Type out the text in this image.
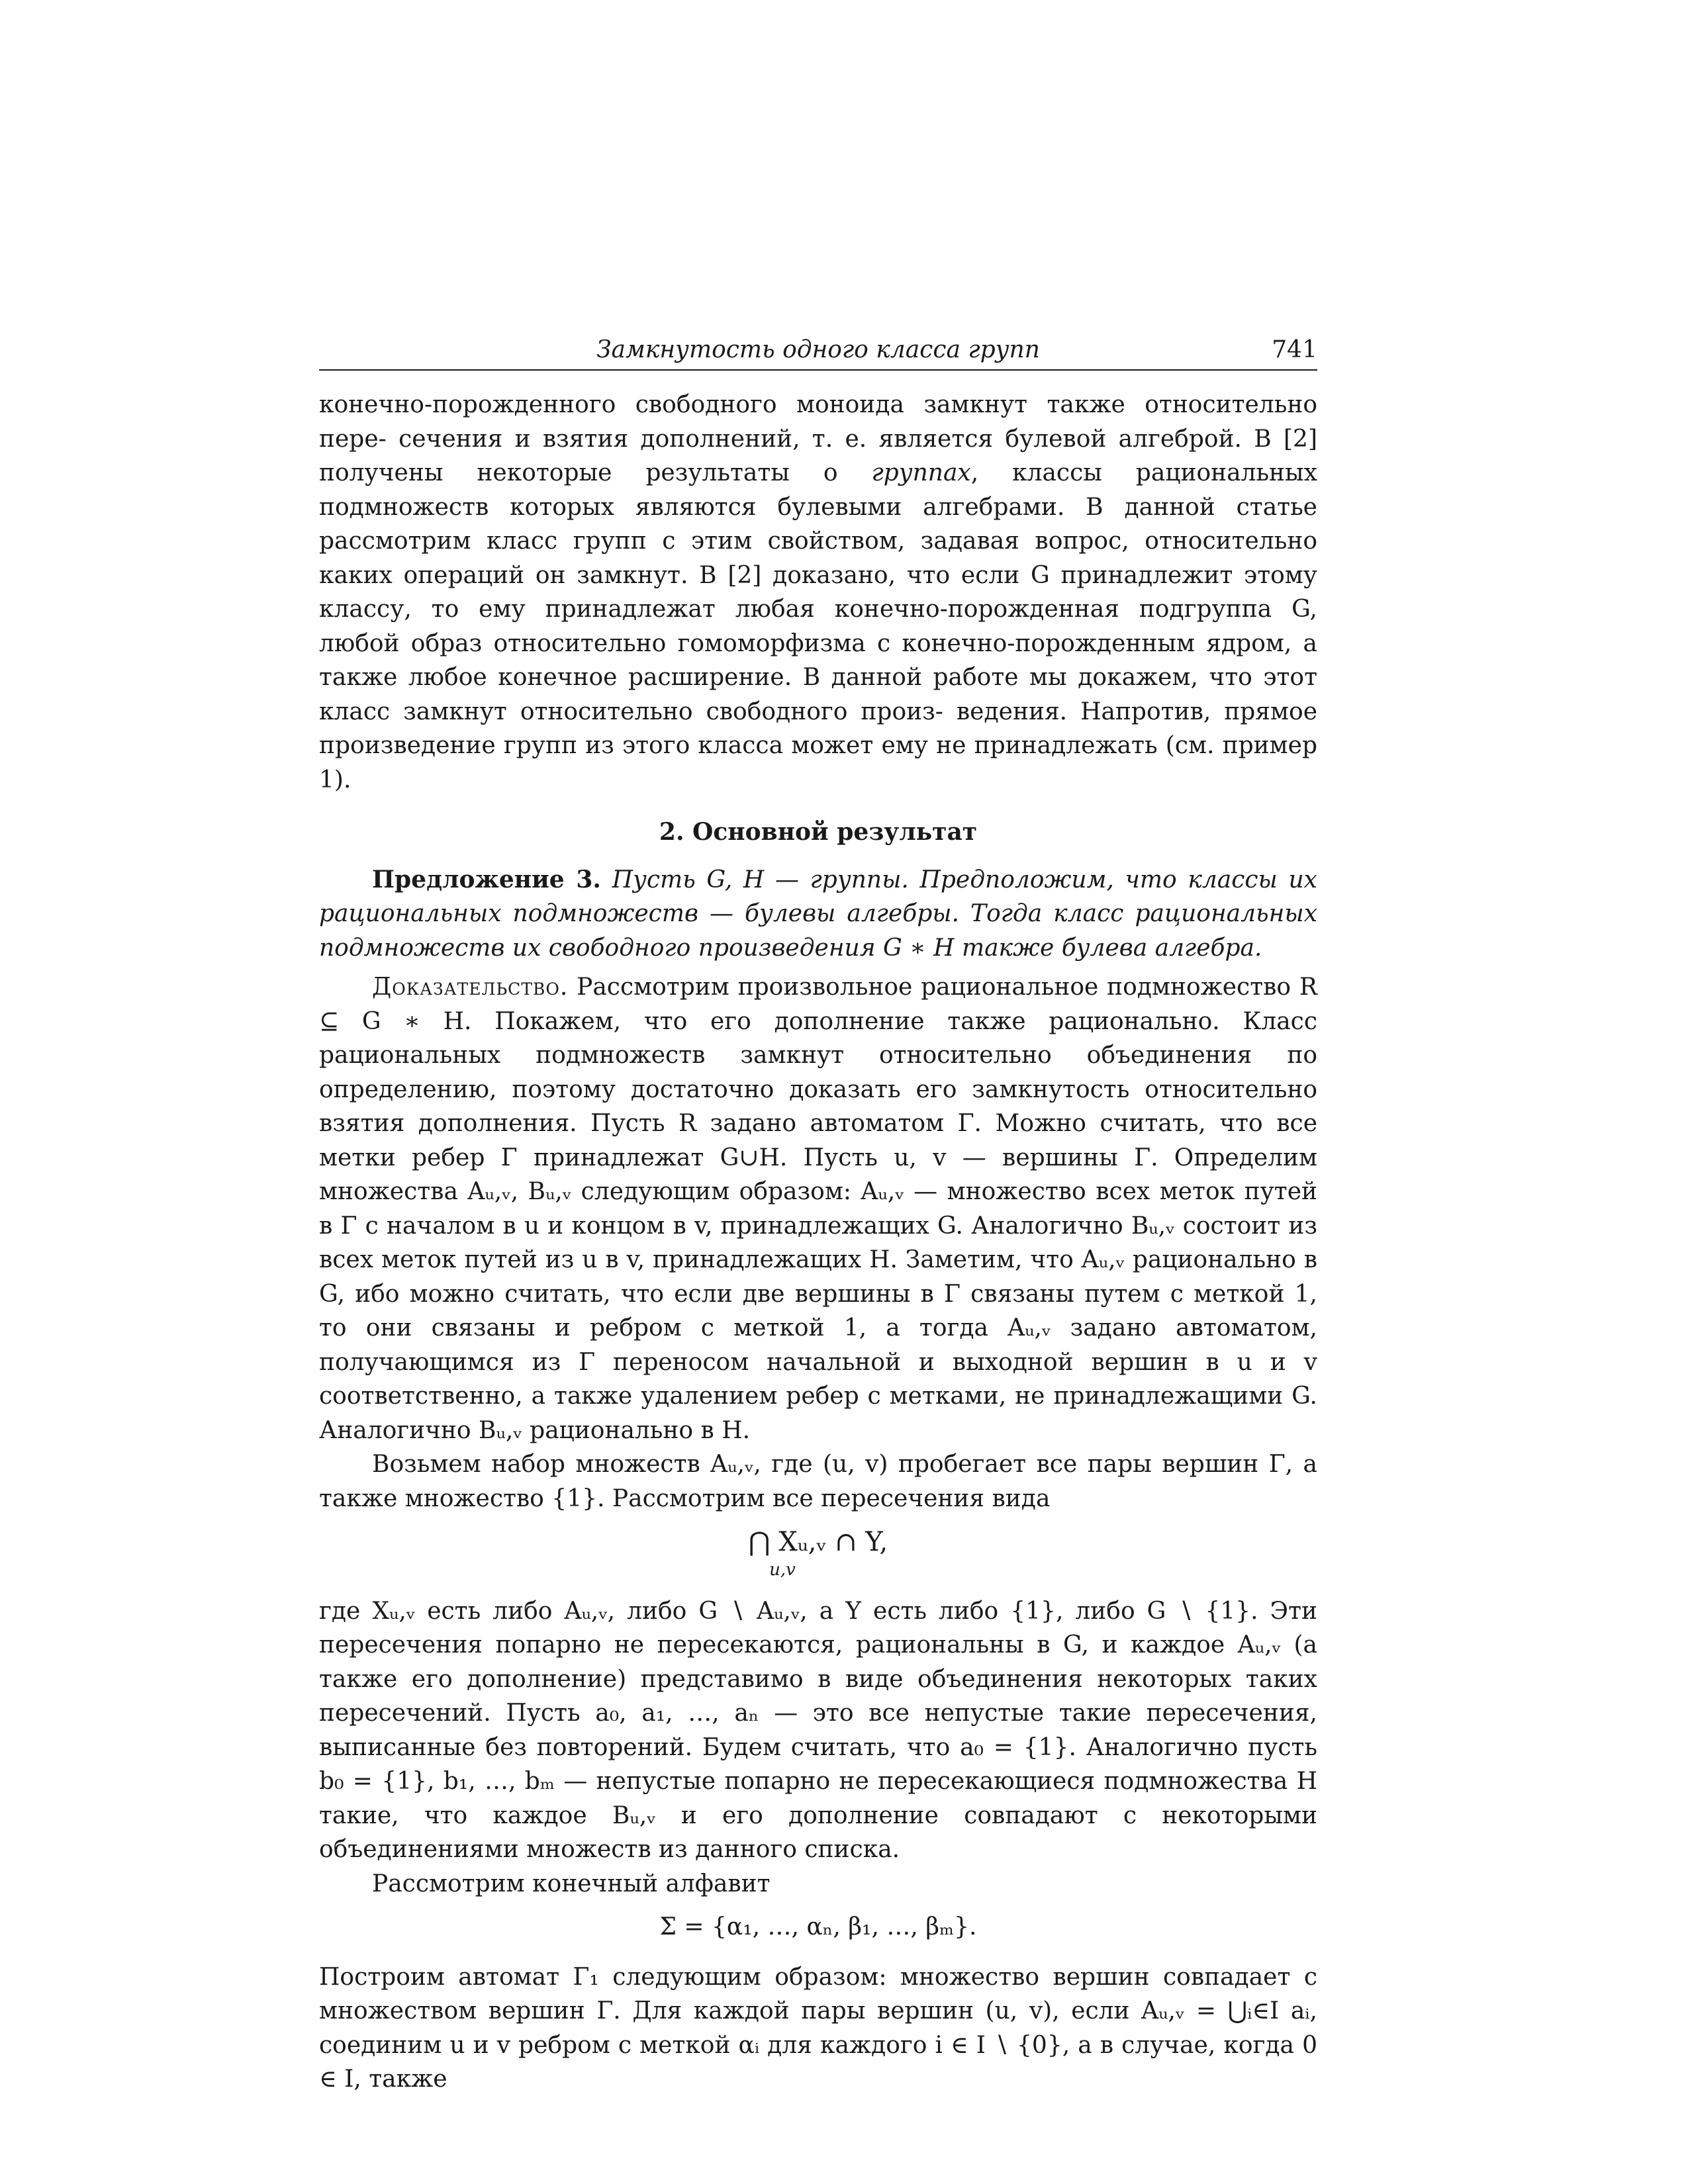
Замкнутость одного класса групп	741

конечно-порожденного свободного моноида замкнут также относительно пере- сечения и взятия дополнений, т. е. является булевой алгеброй. В [2] получены некоторые результаты о группах, классы рациональных подмножеств которых являются булевыми алгебрами. В данной статье рассмотрим класс групп с этим свойством, задавая вопрос, относительно каких операций он замкнут. В [2] доказано, что если G принадлежит этому классу, то ему принадлежат любая конечно-порожденная подгруппа G, любой образ относительно гомоморфизма с конечно-порожденным ядром, а также любое конечное расширение. В данной работе мы докажем, что этот класс замкнут относительно свободного произ- ведения. Напротив, прямое произведение групп из этого класса может ему не принадлежать (см. пример 1).

2. Основной результат

Предложение 3. Пусть G, H — группы. Предположим, что классы их рациональных подмножеств — булевы алгебры. Тогда класс рациональных подмножеств их свободного произведения G ∗ H также булева алгебра.

Доказательство. Рассмотрим произвольное рациональное подмножество R ⊆ G ∗ H. Покажем, что его дополнение также рационально. Класс рациональных подмножеств замкнут относительно объединения по определению, поэтому достаточно доказать его замкнутость относительно взятия дополнения. Пусть R задано автоматом Γ. Можно считать, что все метки ребер Γ принадлежат G∪H. Пусть u, v — вершины Γ. Определим множества Aᵤ,ᵥ, Bᵤ,ᵥ следующим образом: Aᵤ,ᵥ — множество всех меток путей в Γ с началом в u и концом в v, принадлежащих G. Аналогично Bᵤ,ᵥ состоит из всех меток путей из u в v, принадлежащих H. Заметим, что Aᵤ,ᵥ рационально в G, ибо можно считать, что если две вершины в Γ связаны путем с меткой 1, то они связаны и ребром с меткой 1, а тогда Aᵤ,ᵥ задано автоматом, получающимся из Γ переносом начальной и выходной вершин в u и v соответственно, а также удалением ребер с метками, не принадлежащими G. Аналогично Bᵤ,ᵥ рационально в H.

Возьмем набор множеств Aᵤ,ᵥ, где (u, v) пробегает все пары вершин Γ, а также множество {1}. Рассмотрим все пересечения вида

⋂ Xᵤ,ᵥ ∩ Y,
u,v

где Xᵤ,ᵥ есть либо Aᵤ,ᵥ, либо G ∖ Aᵤ,ᵥ, а Y есть либо {1}, либо G ∖ {1}. Эти пересечения попарно не пересекаются, рациональны в G, и каждое Aᵤ,ᵥ (а также его дополнение) представимо в виде объединения некоторых таких пересечений. Пусть a₀, a₁, …, aₙ — это все непустые такие пересечения, выписанные без повторений. Будем считать, что a₀ = {1}. Аналогично пусть b₀ = {1}, b₁, …, bₘ — непустые попарно не пересекающиеся подмножества H такие, что каждое Bᵤ,ᵥ и его дополнение совпадают с некоторыми объединениями множеств из данного списка.

Рассмотрим конечный алфавит

Σ = {α₁, …, αₙ, β₁, …, βₘ}.

Построим автомат Γ₁ следующим образом: множество вершин совпадает с множеством вершин Γ. Для каждой пары вершин (u, v), если Aᵤ,ᵥ = ⋃ᵢ∈I aᵢ, соединим u и v ребром с меткой αᵢ для каждого i ∈ I ∖ {0}, а в случае, когда 0 ∈ I, также
